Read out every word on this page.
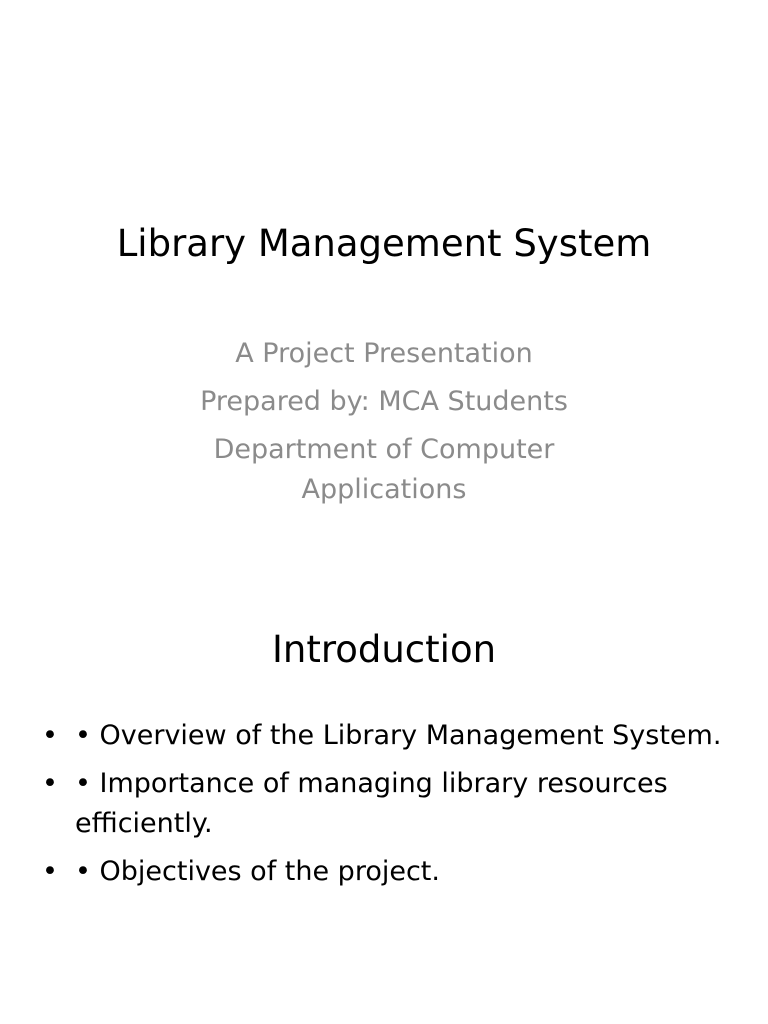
Library Management System
A Project Presentation
Prepared by: MCA Students
Department of Computer Applications
Introduction
• • Overview of the Library Management System.
• • Importance of managing library resources efficiently.
• • Objectives of the project.
